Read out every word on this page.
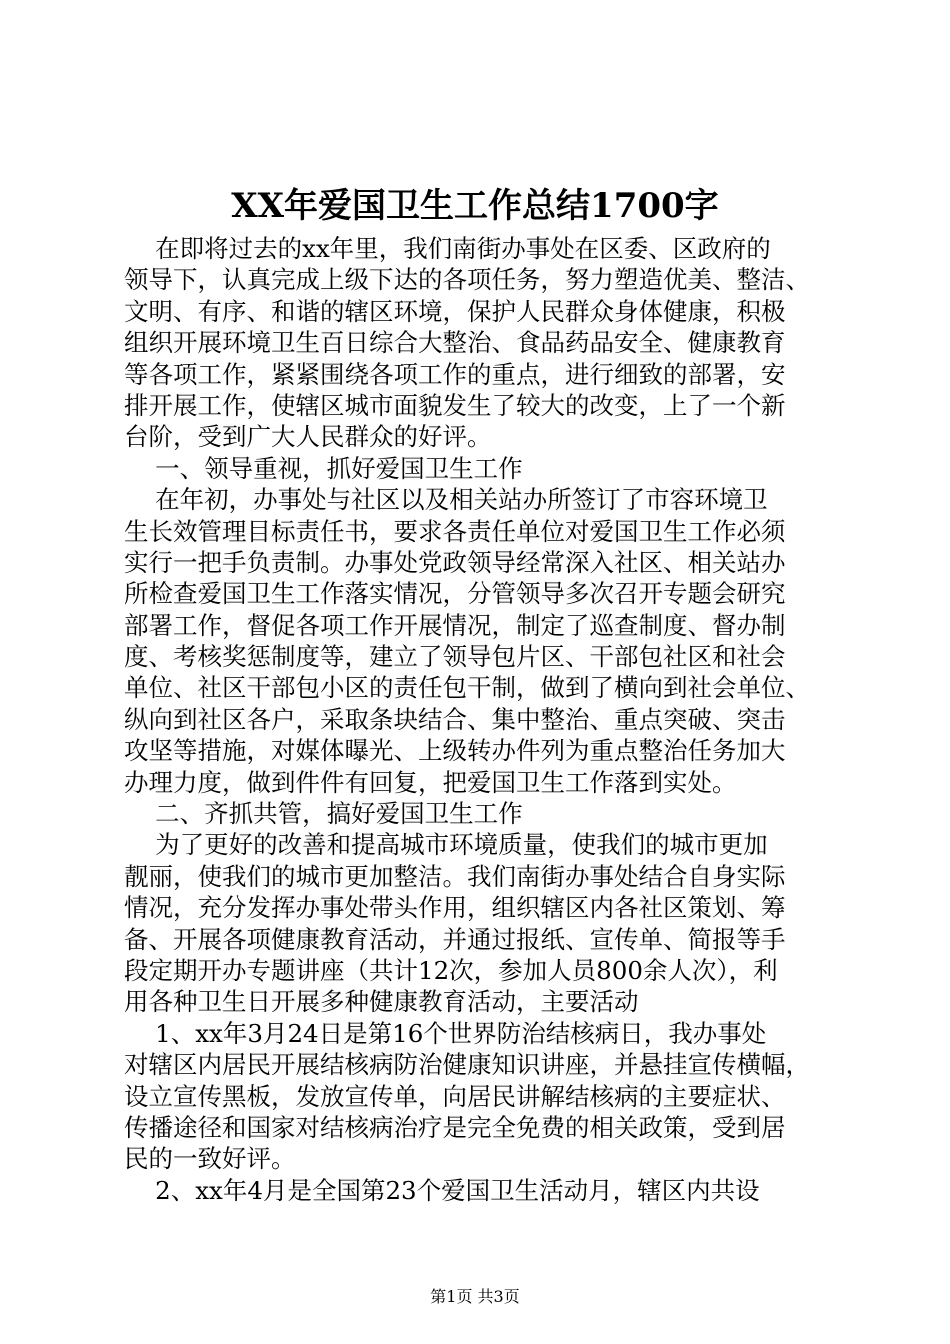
XX年爱国卫生工作总结1700字
在即将过去的xx年里，我们南街办事处在区委、区政府的
领导下，认真完成上级下达的各项任务，努力塑造优美、整洁、
文明、有序、和谐的辖区环境，保护人民群众身体健康，积极
组织开展环境卫生百日综合大整治、食品药品安全、健康教育
等各项工作，紧紧围绕各项工作的重点，进行细致的部署，安
排开展工作，使辖区城市面貌发生了较大的改变，上了一个新
台阶，受到广大人民群众的好评。
一、领导重视，抓好爱国卫生工作
在年初，办事处与社区以及相关站办所签订了市容环境卫
生长效管理目标责任书，要求各责任单位对爱国卫生工作必须
实行一把手负责制。办事处党政领导经常深入社区、相关站办
所检查爱国卫生工作落实情况，分管领导多次召开专题会研究
部署工作，督促各项工作开展情况，制定了巡查制度、督办制
度、考核奖惩制度等，建立了领导包片区、干部包社区和社会
单位、社区干部包小区的责任包干制，做到了横向到社会单位、
纵向到社区各户，采取条块结合、集中整治、重点突破、突击
攻坚等措施，对媒体曝光、上级转办件列为重点整治任务加大
办理力度，做到件件有回复，把爱国卫生工作落到实处。
二、齐抓共管，搞好爱国卫生工作
为了更好的改善和提高城市环境质量，使我们的城市更加
靓丽，使我们的城市更加整洁。我们南街办事处结合自身实际
情况，充分发挥办事处带头作用，组织辖区内各社区策划、筹
备、开展各项健康教育活动，并通过报纸、宣传单、简报等手
段定期开办专题讲座（共计12次，参加人员800余人次），利
用各种卫生日开展多种健康教育活动，主要活动
1、xx年3月24日是第16个世界防治结核病日，我办事处
对辖区内居民开展结核病防治健康知识讲座，并悬挂宣传横幅，
设立宣传黑板，发放宣传单，向居民讲解结核病的主要症状、
传播途径和国家对结核病治疗是完全免费的相关政策，受到居
民的一致好评。
2、xx年4月是全国第23个爱国卫生活动月，辖区内共设
第1页 共3页
